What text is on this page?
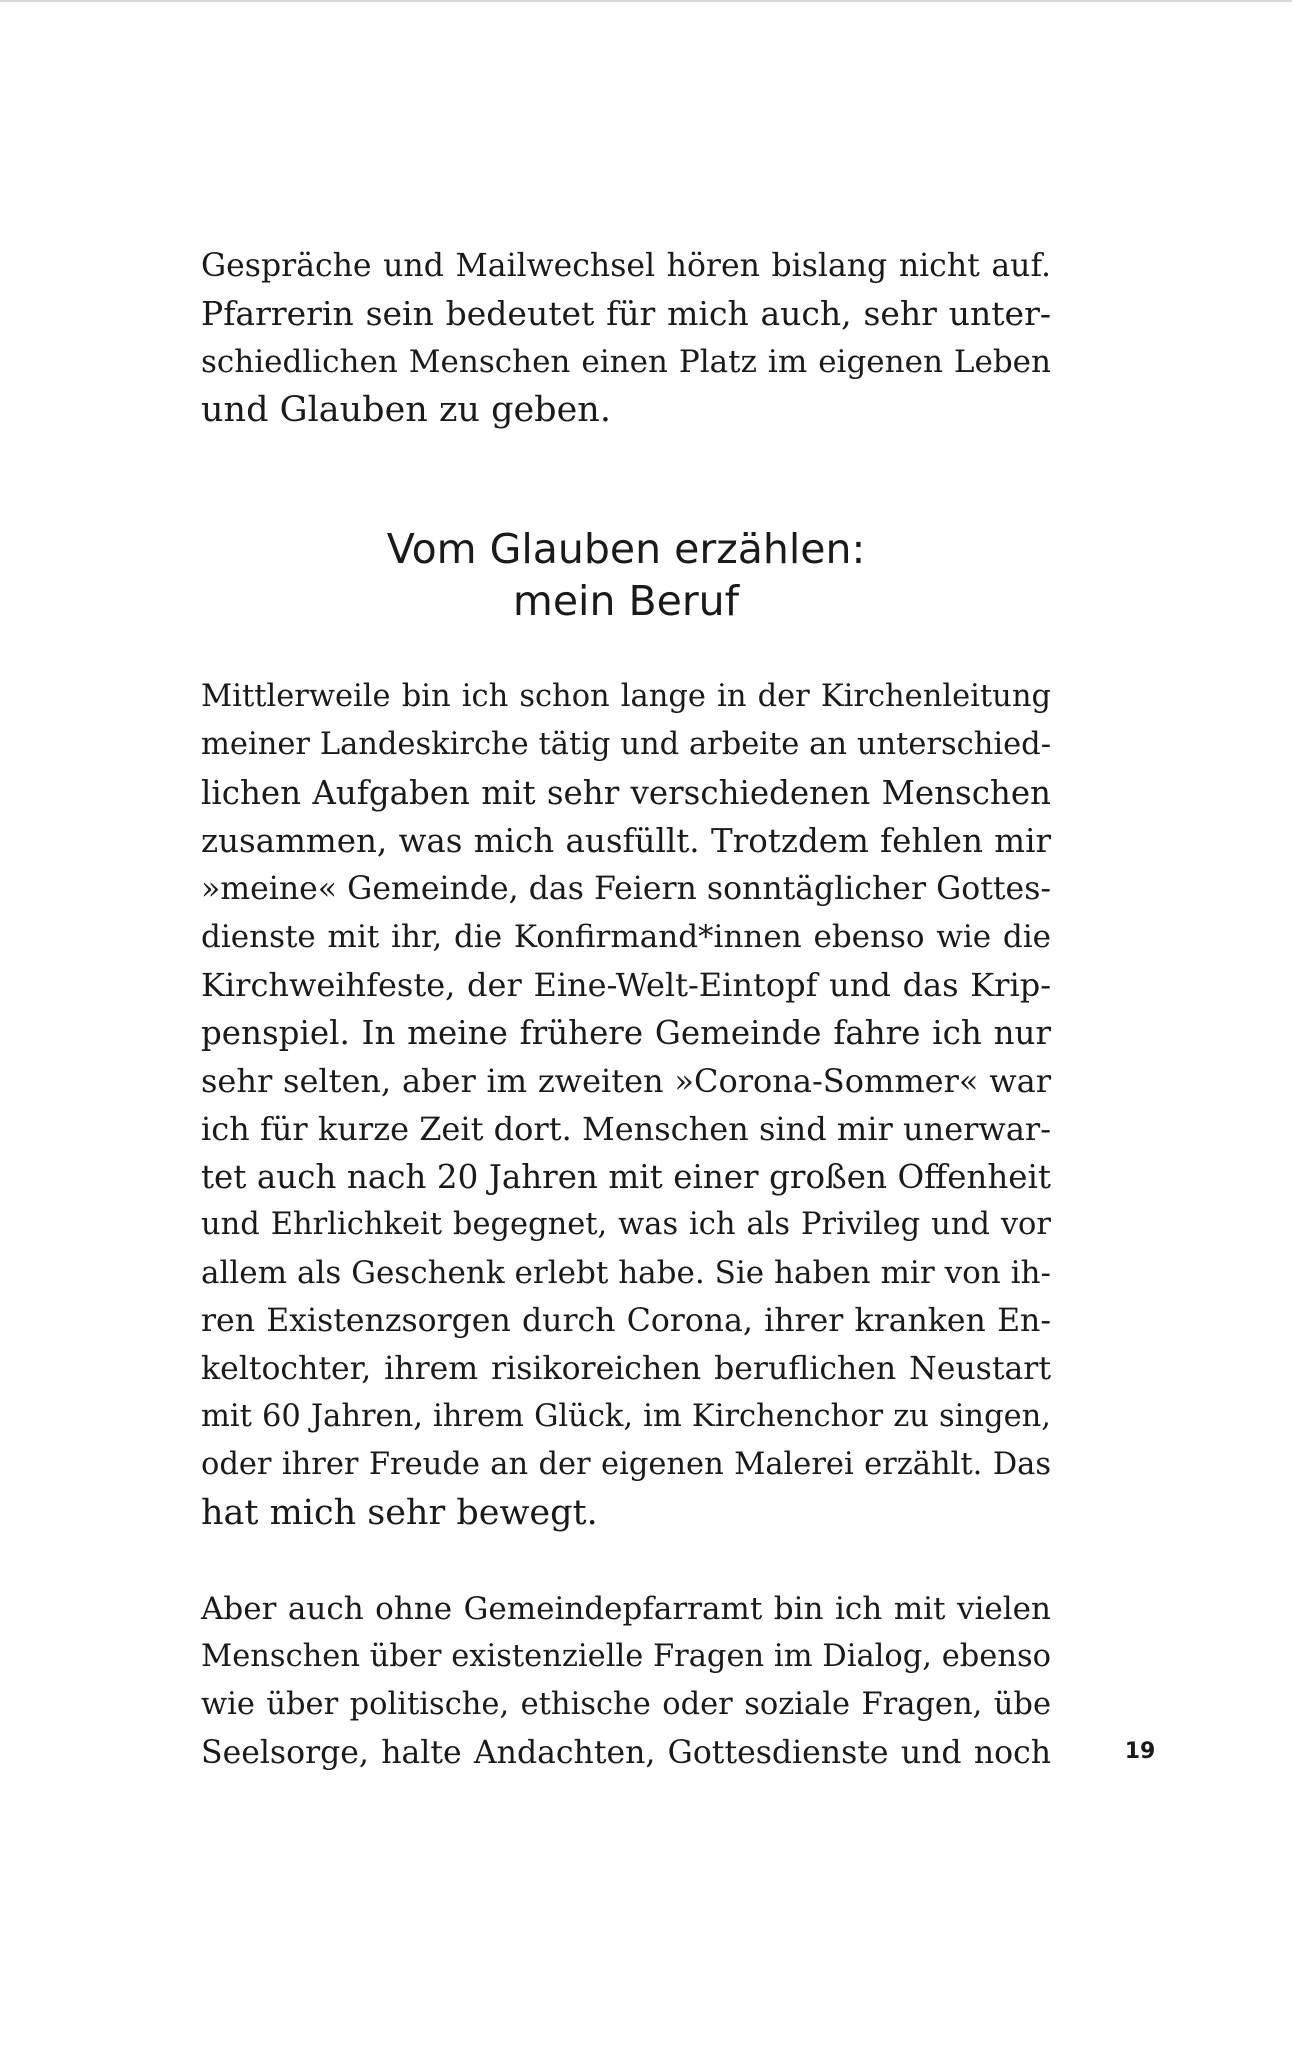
Gespräche und Mailwechsel hören bislang nicht auf.
Pfarrerin sein bedeutet für mich auch, sehr unter-
schiedlichen Menschen einen Platz im eigenen Leben
und Glauben zu geben.
Vom Glauben erzählen:
mein Beruf
Mittlerweile bin ich schon lange in der Kirchenleitung
meiner Landeskirche tätig und arbeite an unterschied-
lichen Aufgaben mit sehr verschiedenen Menschen
zusammen, was mich ausfüllt. Trotzdem fehlen mir
»meine« Gemeinde, das Feiern sonntäglicher Gottes-
dienste mit ihr, die Konfirmand*innen ebenso wie die
Kirchweihfeste, der Eine-Welt-Eintopf und das Krip-
penspiel. In meine frühere Gemeinde fahre ich nur
sehr selten, aber im zweiten »Corona-Sommer« war
ich für kurze Zeit dort. Menschen sind mir unerwar-
tet auch nach 20 Jahren mit einer großen Offenheit
und Ehrlichkeit begegnet, was ich als Privileg und vor
allem als Geschenk erlebt habe. Sie haben mir von ih-
ren Existenzsorgen durch Corona, ihrer kranken En-
keltochter, ihrem risikoreichen beruflichen Neustart
mit 60 Jahren, ihrem Glück, im Kirchenchor zu singen,
oder ihrer Freude an der eigenen Malerei erzählt. Das
hat mich sehr bewegt.
Aber auch ohne Gemeindepfarramt bin ich mit vielen
Menschen über existenzielle Fragen im Dialog, ebenso
wie über politische, ethische oder soziale Fragen, übe
Seelsorge, halte Andachten, Gottesdienste und noch	19
